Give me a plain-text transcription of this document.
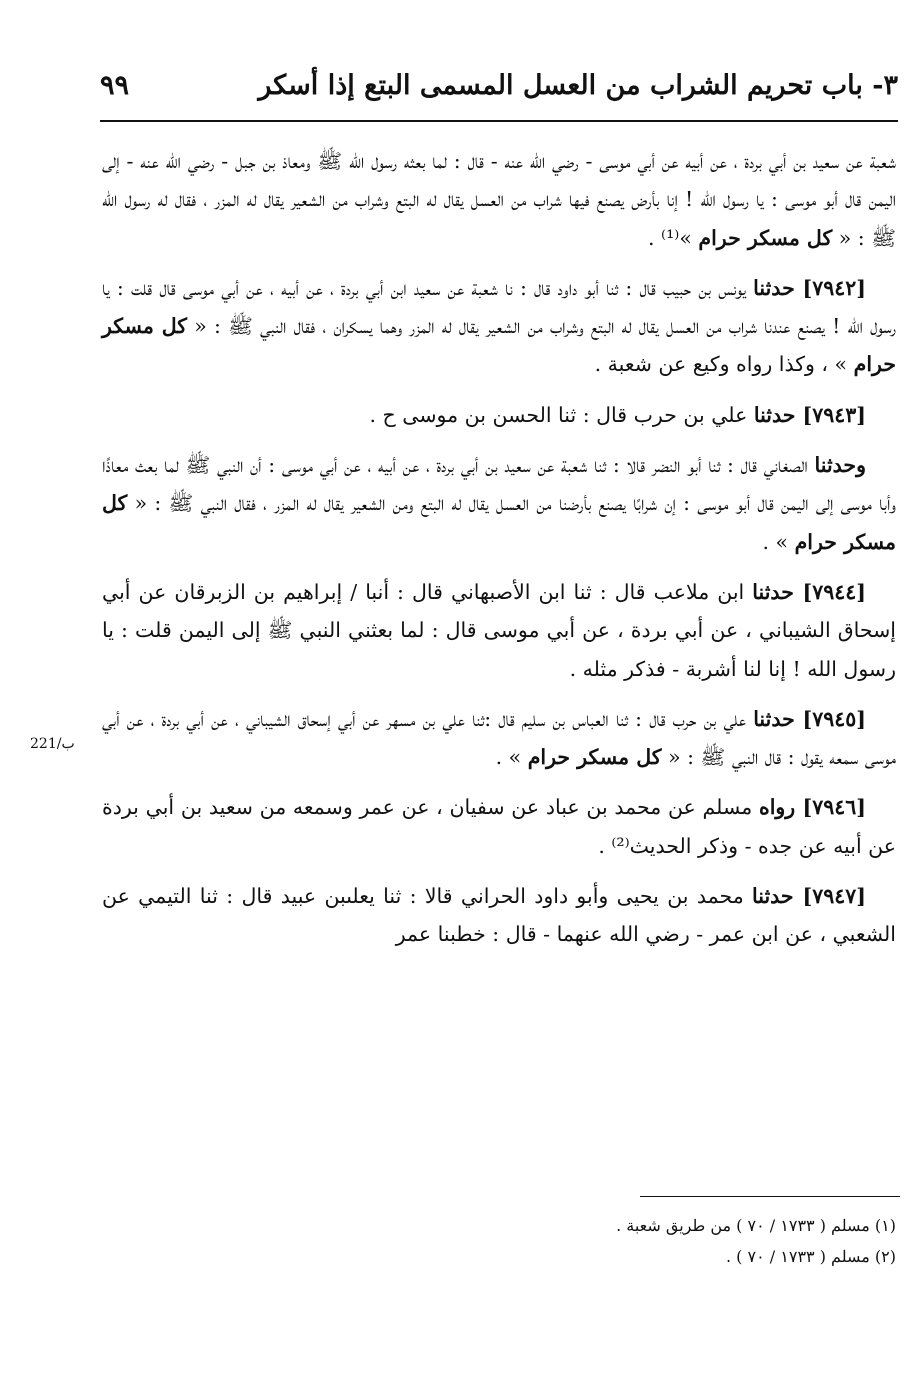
٣- باب تحريم الشراب من العسل المسمى البتع إذا أسكر
٩٩
221/ب

شعبة عن سعيد بن أبي بردة ، عن أبيه عن أبي موسى - رضي الله عنه - قال : لما بعثه رسول الله ﷺ ومعاذ بن جبل - رضي الله عنه - إلى اليمن قال أبو موسى : يا رسول الله ! إنا بأرض يصنع فيها شراب من العسل يقال له البتع وشراب من الشعير يقال له المزر ، فقال له رسول الله ﷺ : « كل مسكر حرام »⁽¹⁾ .

[٧٩٤٢] حدثنا يونس بن حبيب قال : ثنا أبو داود قال : نا شعبة عن سعيد ابن أبي بردة ، عن أبيه ، عن أبي موسى قال قلت : يا رسول الله ! يصنع عندنا شراب من العسل يقال له البتع وشراب من الشعير يقال له المزر وهما يسكران ، فقال النبي ﷺ : « كل مسكر حرام » ، وكذا رواه وكيع عن شعبة .

[٧٩٤٣] حدثنا علي بن حرب قال : ثنا الحسن بن موسى ح .

وحدثنا الصغاني قال : ثنا أبو النضر قالا : ثنا شعبة عن سعيد بن أبي بردة ، عن أبيه ، عن أبي موسى : أن النبي ﷺ لما بعث معاذًا وأبا موسى إلى اليمن قال أبو موسى : إن شرابًا يصنع بأرضنا من العسل يقال له البتع ومن الشعير يقال له المزر ، فقال النبي ﷺ : « كل مسكر حرام » .

[٧٩٤٤] حدثنا ابن ملاعب قال : ثنا ابن الأصبهاني قال : أنبا / إبراهيم بن الزبرقان عن أبي إسحاق الشيباني ، عن أبي بردة ، عن أبي موسى قال : لما بعثني النبي ﷺ إلى اليمن قلت : يا رسول الله ! إنا لنا أشربة - فذكر مثله .

[٧٩٤٥] حدثنا علي بن حرب قال : ثنا العباس بن سليم قال :ثنا علي بن مسهر عن أبي إسحاق الشيباني ، عن أبي بردة ، عن أبي موسى سمعه يقول : قال النبي ﷺ : « كل مسكر حرام » .

[٧٩٤٦] رواه مسلم عن محمد بن عباد عن سفيان ، عن عمر وسمعه من سعيد بن أبي بردة عن أبيه عن جده - وذكر الحديث⁽²⁾ .

[٧٩٤٧] حدثنا محمد بن يحيى وأبو داود الحراني قالا : ثنا يعلىبن عبيد قال : ثنا التيمي عن الشعبي ، عن ابن عمر - رضي الله عنهما - قال : خطبنا عمر

(١) مسلم ( ١٧٣٣ / ٧٠ ) من طريق شعبة .

(٢) مسلم ( ١٧٣٣ / ٧٠ ) .
